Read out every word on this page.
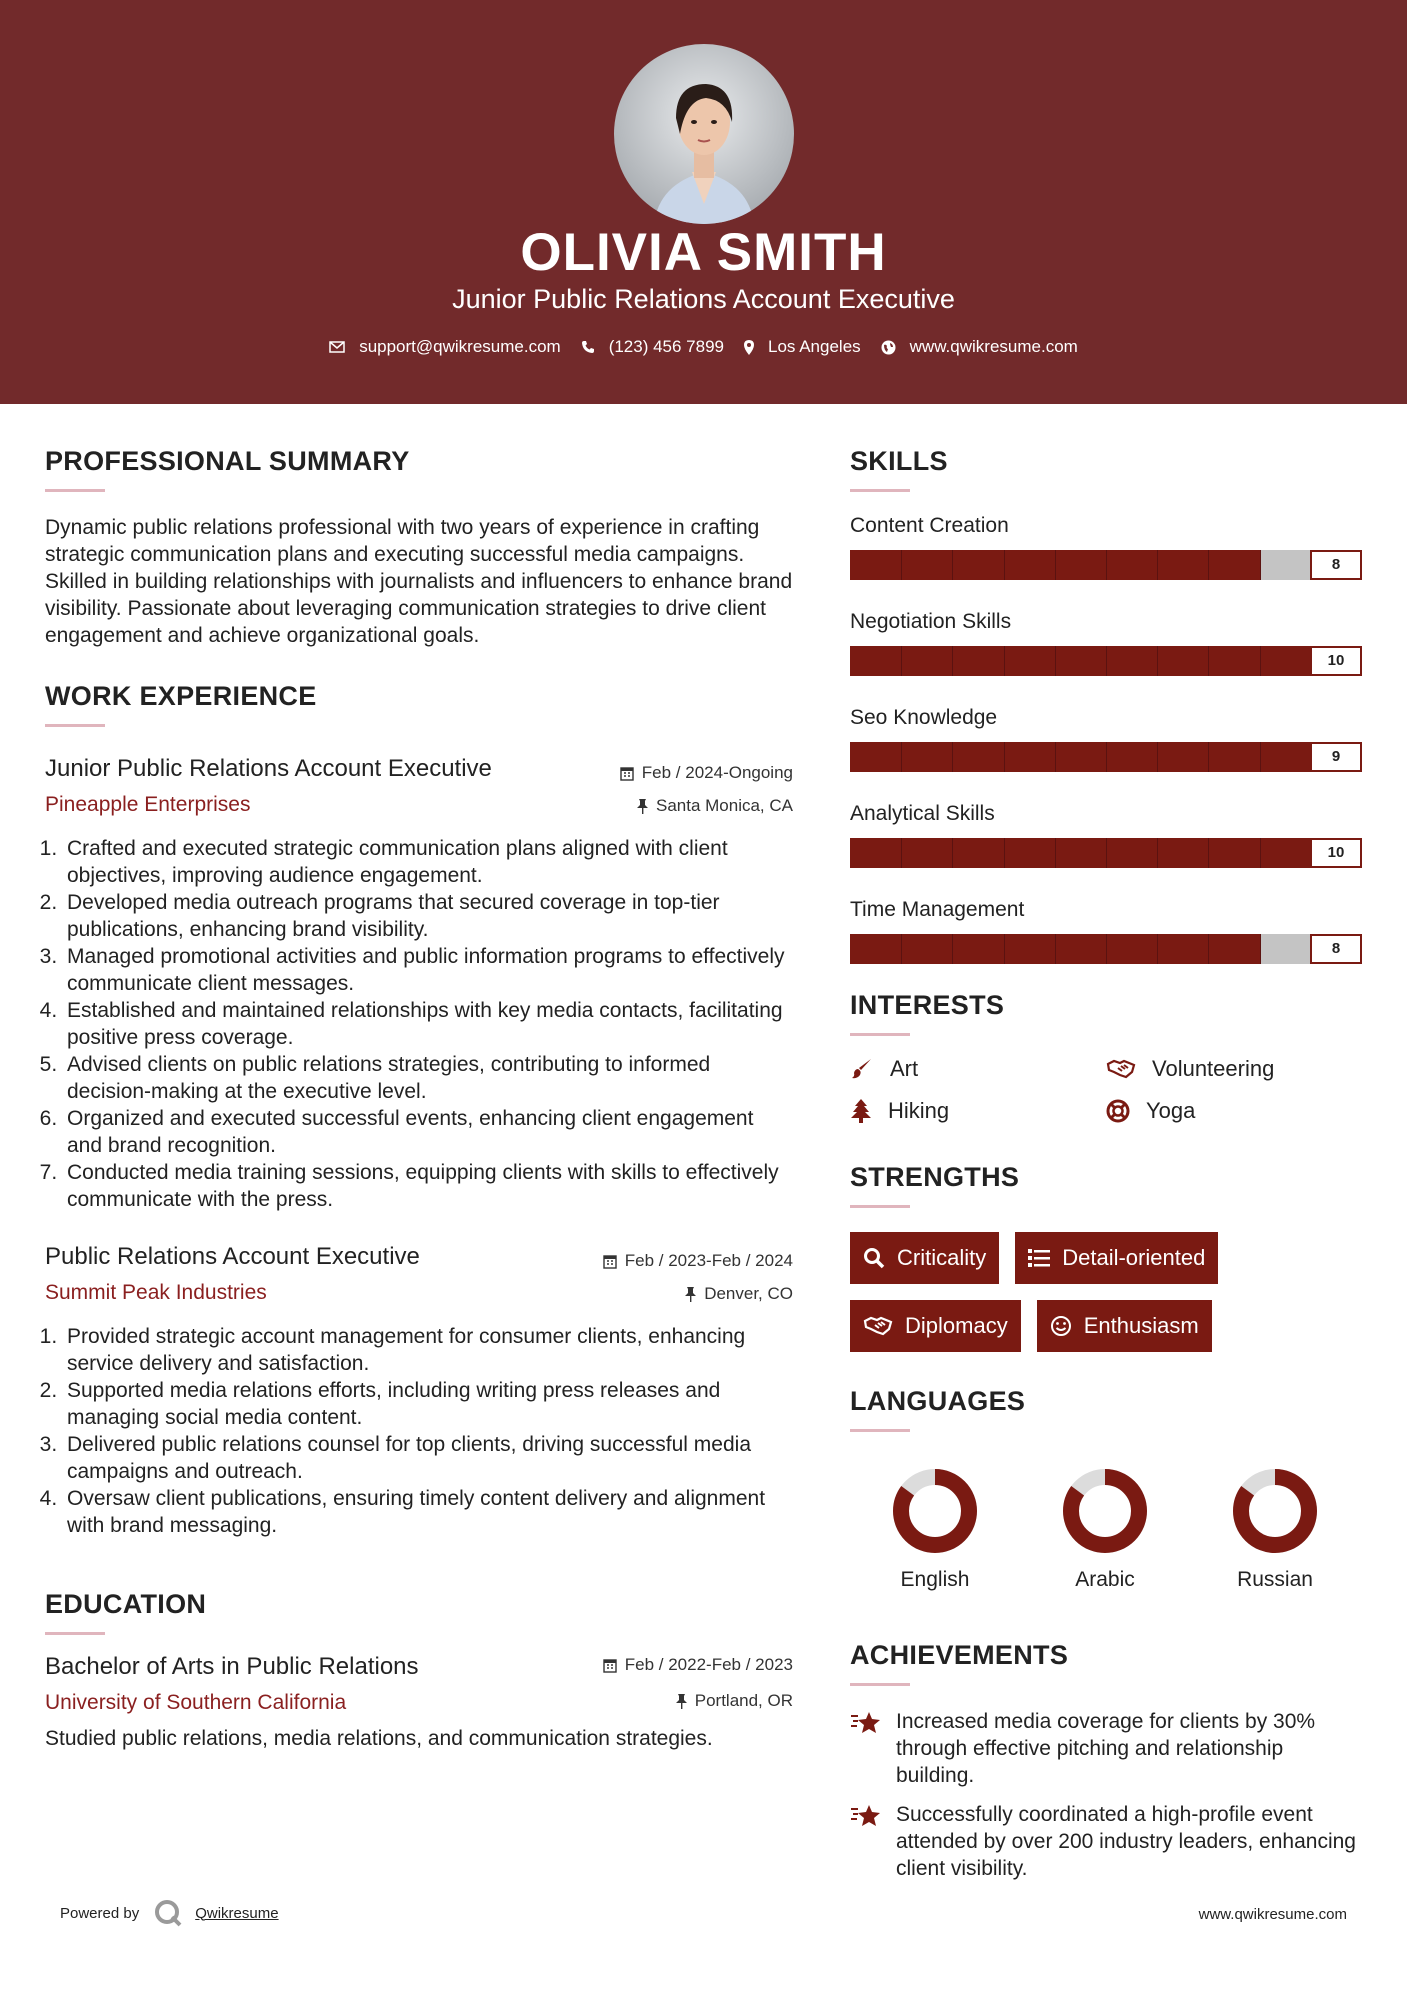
OLIVIA SMITH
Junior Public Relations Account Executive
support@qwikresume.com	(123) 456 7899	Los Angeles	www.qwikresume.com
PROFESSIONAL SUMMARY
Dynamic public relations professional with two years of experience in crafting strategic communication plans and executing successful media campaigns. Skilled in building relationships with journalists and influencers to enhance brand visibility. Passionate about leveraging communication strategies to drive client engagement and achieve organizational goals.
WORK EXPERIENCE
Junior Public Relations Account Executive	Feb / 2024-Ongoing
Pineapple Enterprises	Santa Monica, CA
1. Crafted and executed strategic communication plans aligned with client objectives, improving audience engagement.
2. Developed media outreach programs that secured coverage in top-tier publications, enhancing brand visibility.
3. Managed promotional activities and public information programs to effectively communicate client messages.
4. Established and maintained relationships with key media contacts, facilitating positive press coverage.
5. Advised clients on public relations strategies, contributing to informed decision-making at the executive level.
6. Organized and executed successful events, enhancing client engagement and brand recognition.
7. Conducted media training sessions, equipping clients with skills to effectively communicate with the press.
Public Relations Account Executive	Feb / 2023-Feb / 2024
Summit Peak Industries	Denver, CO
1. Provided strategic account management for consumer clients, enhancing service delivery and satisfaction.
2. Supported media relations efforts, including writing press releases and managing social media content.
3. Delivered public relations counsel for top clients, driving successful media campaigns and outreach.
4. Oversaw client publications, ensuring timely content delivery and alignment with brand messaging.
EDUCATION
Bachelor of Arts in Public Relations	Feb / 2022-Feb / 2023
University of Southern California	Portland, OR
Studied public relations, media relations, and communication strategies.
SKILLS
Content Creation
8
Negotiation Skills
10
Seo Knowledge
9
Analytical Skills
10
Time Management
8
INTERESTS
Art	Volunteering
Hiking	Yoga
STRENGTHS
Criticality	Detail-oriented
Diplomacy	Enthusiasm
LANGUAGES
English	Arabic	Russian
ACHIEVEMENTS
Increased media coverage for clients by 30% through effective pitching and relationship building.
Successfully coordinated a high-profile event attended by over 200 industry leaders, enhancing client visibility.
Powered by	Qwikresume	www.qwikresume.com
